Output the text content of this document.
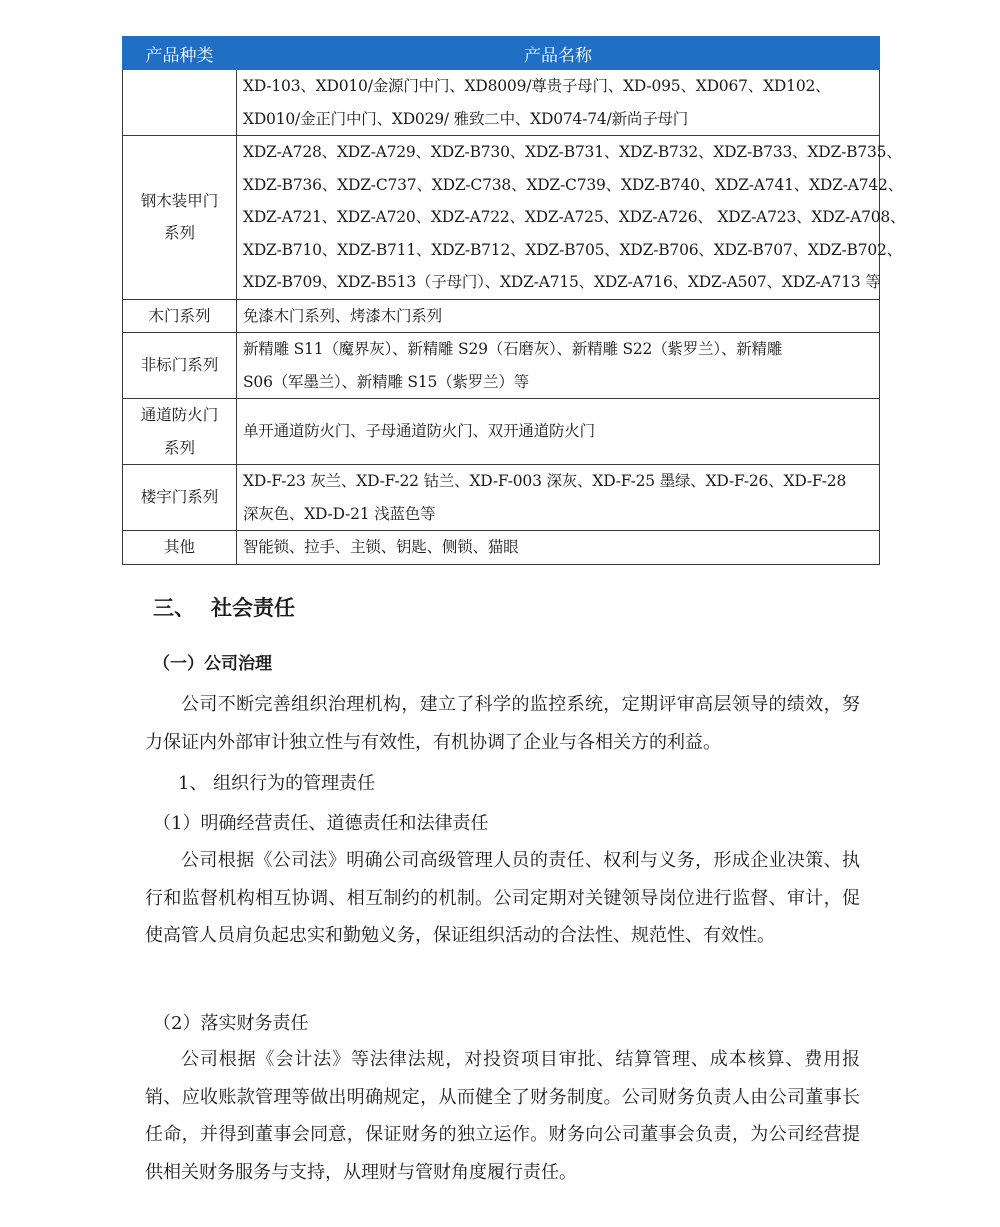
产品种类	产品名称

	XD-103、XD010/金源门中门、XD8009/尊贵子母门、XD-095、XD067、XD102、
XD010/金正门中门、XD029/ 雅致二中、XD074-74/新尚子母门

钢木装甲门
系列	XDZ-A728、XDZ-A729、XDZ-B730、XDZ-B731、XDZ-B732、XDZ-B733、XDZ-B735、
XDZ-B736、XDZ-C737、XDZ-C738、XDZ-C739、XDZ-B740、XDZ-A741、XDZ-A742、
XDZ-A721、XDZ-A720、XDZ-A722、XDZ-A725、XDZ-A726、 XDZ-A723、XDZ-A708、
XDZ-B710、XDZ-B711、XDZ-B712、XDZ-B705、XDZ-B706、XDZ-B707、XDZ-B702、
XDZ-B709、XDZ-B513（子母门）、XDZ-A715、XDZ-A716、XDZ-A507、XDZ-A713 等

木门系列	免漆木门系列、烤漆木门系列

非标门系列	新精雕 S11（魔界灰）、新精雕 S29（石磨灰）、新精雕 S22（紫罗兰）、新精雕
S06（军墨兰）、新精雕 S15（紫罗兰）等

通道防火门
系列	单开通道防火门、子母通道防火门、双开通道防火门

楼宇门系列	XD-F-23 灰兰、XD-F-22 钴兰、XD-F-003 深灰、XD-F-25 墨绿、XD-F-26、XD-F-28
深灰色、XD-D-21 浅蓝色等

其他	智能锁、拉手、主锁、钥匙、侧锁、猫眼
三、 社会责任
（一）公司治理

公司不断完善组织治理机构，建立了科学的监控系统，定期评审高层领导的绩效，努力保证内外部审计独立性与有效性，有机协调了企业与各相关方的利益。

1、 组织行为的管理责任
（1）明确经营责任、道德责任和法律责任

公司根据《公司法》明确公司高级管理人员的责任、权利与义务，形成企业决策、执行和监督机构相互协调、相互制约的机制。公司定期对关键领导岗位进行监督、审计，促使高管人员肩负起忠实和勤勉义务，保证组织活动的合法性、规范性、有效性。

（2）落实财务责任

公司根据《会计法》等法律法规，对投资项目审批、结算管理、成本核算、费用报销、应收账款管理等做出明确规定，从而健全了财务制度。公司财务负责人由公司董事长任命，并得到董事会同意，保证财务的独立运作。财务向公司董事会负责，为公司经营提供相关财务服务与支持，从理财与管财角度履行责任。
